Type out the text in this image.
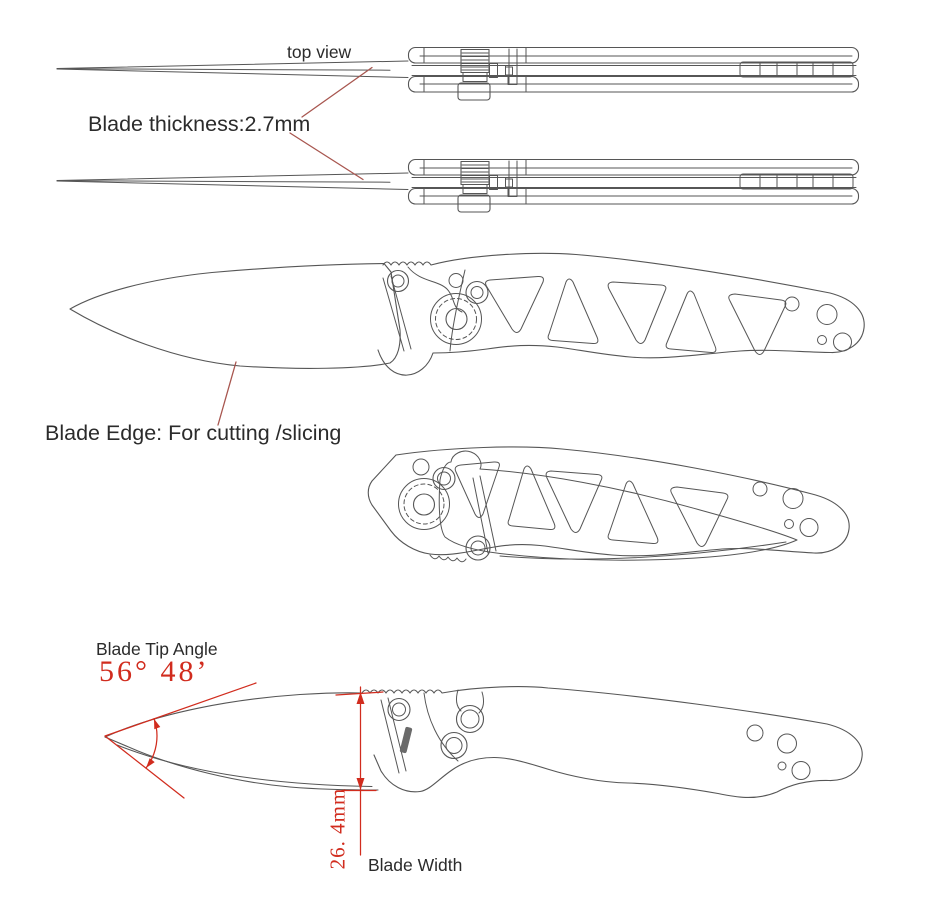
top view
Blade thickness:2.7mm
Blade Edge: For cutting /slicing
Blade Tip Angle
56° 48’
26. 4mm Blade Width
